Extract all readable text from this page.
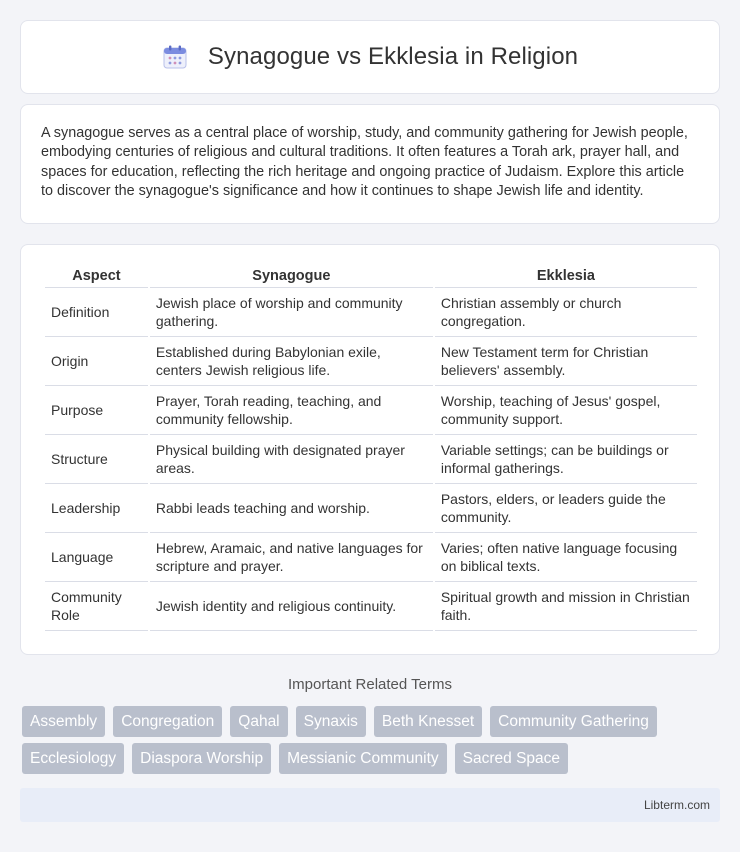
Synagogue vs Ekklesia in Religion

A synagogue serves as a central place of worship, study, and community gathering for Jewish people, embodying centuries of religious and cultural traditions. It often features a Torah ark, prayer hall, and spaces for education, reflecting the rich heritage and ongoing practice of Judaism. Explore this article to discover the synagogue's significance and how it continues to shape Jewish life and identity.

Aspect	Synagogue	Ekklesia
Definition	Jewish place of worship and community gathering.	Christian assembly or church congregation.
Origin	Established during Babylonian exile, centers Jewish religious life.	New Testament term for Christian believers' assembly.
Purpose	Prayer, Torah reading, teaching, and community fellowship.	Worship, teaching of Jesus' gospel, community support.
Structure	Physical building with designated prayer areas.	Variable settings; can be buildings or informal gatherings.
Leadership	Rabbi leads teaching and worship.	Pastors, elders, or leaders guide the community.
Language	Hebrew, Aramaic, and native languages for scripture and prayer.	Varies; often native language focusing on biblical texts.
Community Role	Jewish identity and religious continuity.	Spiritual growth and mission in Christian faith.
Important Related Terms
Assembly	Congregation	Qahal	Synaxis	Beth Knesset	Community Gathering
Ecclesiology	Diaspora Worship	Messianic Community	Sacred Space
Libterm.com
